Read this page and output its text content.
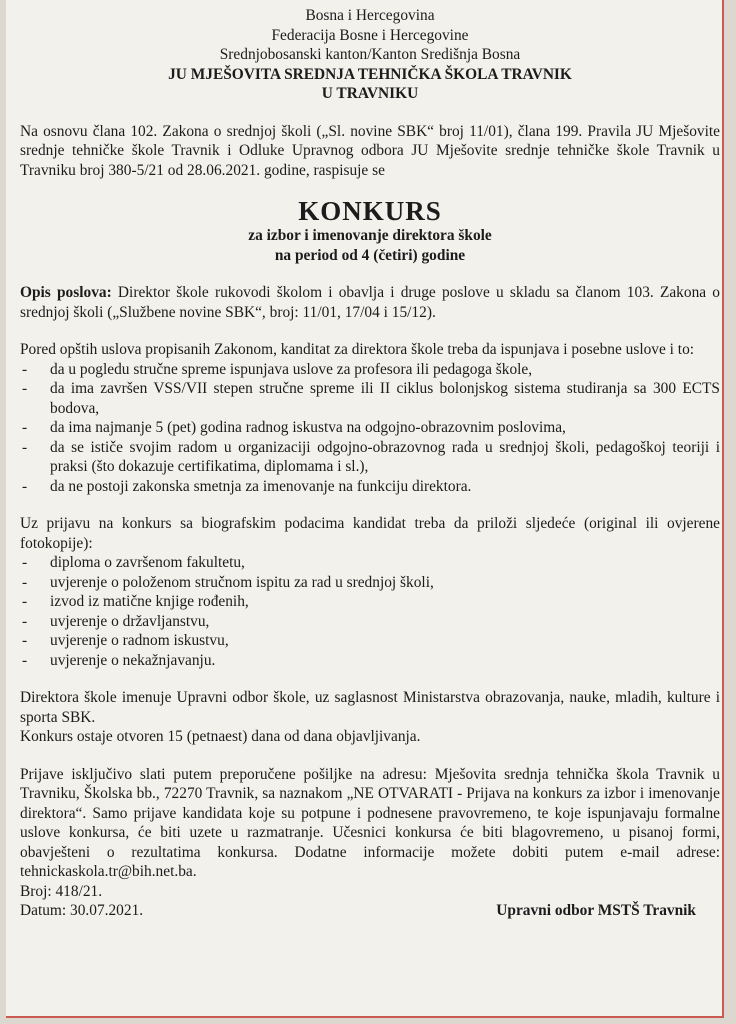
Bosna i Hercegovina
Federacija Bosne i Hercegovine
Srednjobosanski kanton/Kanton Središnja Bosna
JU MJEŠOVITA SREDNJA TEHNIČKA ŠKOLA TRAVNIK
U TRAVNIKU

Na osnovu člana 102. Zakona o srednjoj školi („Sl. novine SBK“ broj 11/01), člana 199. Pravila JU Mješovite srednje tehničke škole Travnik i Odluke Upravnog odbora JU Mješovite srednje tehničke škole Travnik u Travniku broj 380-5/21 od 28.06.2021. godine, raspisuje se

KONKURS
za izbor i imenovanje direktora škole
na period od 4 (četiri) godine

Opis poslova: Direktor škole rukovodi školom i obavlja i druge poslove u skladu sa članom 103. Zakona o srednjoj školi („Službene novine SBK“, broj: 11/01, 17/04 i 15/12).

Pored opštih uslova propisanih Zakonom, kanditat za direktora škole treba da ispunjava i posebne uslove i to:

- da u pogledu stručne spreme ispunjava uslove za profesora ili pedagoga škole,
- da ima završen VSS/VII stepen stručne spreme ili II ciklus bolonjskog sistema studiranja sa 300 ECTS bodova,
- da ima najmanje 5 (pet) godina radnog iskustva na odgojno-obrazovnim poslovima,
- da se ističe svojim radom u organizaciji odgojno-obrazovnog rada u srednjoj školi, pedagoškoj teoriji i praksi (što dokazuje certifikatima, diplomama i sl.),
- da ne postoji zakonska smetnja za imenovanje na funkciju direktora.

Uz prijavu na konkurs sa biografskim podacima kandidat treba da priloži sljedeće (original ili ovjerene fotokopije):

- diploma o završenom fakultetu,
- uvjerenje o položenom stručnom ispitu za rad u srednjoj školi,
- izvod iz matične knjige rođenih,
- uvjerenje o državljanstvu,
- uvjerenje o radnom iskustvu,
- uvjerenje o nekažnjavanju.

Direktora škole imenuje Upravni odbor škole, uz saglasnost Ministarstva obrazovanja, nauke, mladih, kulture i sporta SBK.

Konkurs ostaje otvoren 15 (petnaest) dana od dana objavljivanja.

Prijave isključivo slati putem preporučene pošiljke na adresu: Mješovita srednja tehnička škola Travnik u Travniku, Školska bb., 72270 Travnik, sa naznakom „NE OTVARATI - Prijava na konkurs za izbor i imenovanje direktora“. Samo prijave kandidata koje su potpune i podnesene pravovremeno, te koje ispunjavaju formalne uslove konkursa, će biti uzete u razmatranje. Učesnici konkursa će biti blagovremeno, u pisanoj formi, obavješteni o rezultatima konkursa. Dodatne informacije možete dobiti putem e-mail adrese: tehnickaskola.tr@bih.net.ba.

Broj: 418/21.

Datum: 30.07.2021.	Upravni odbor MSTŠ Travnik
